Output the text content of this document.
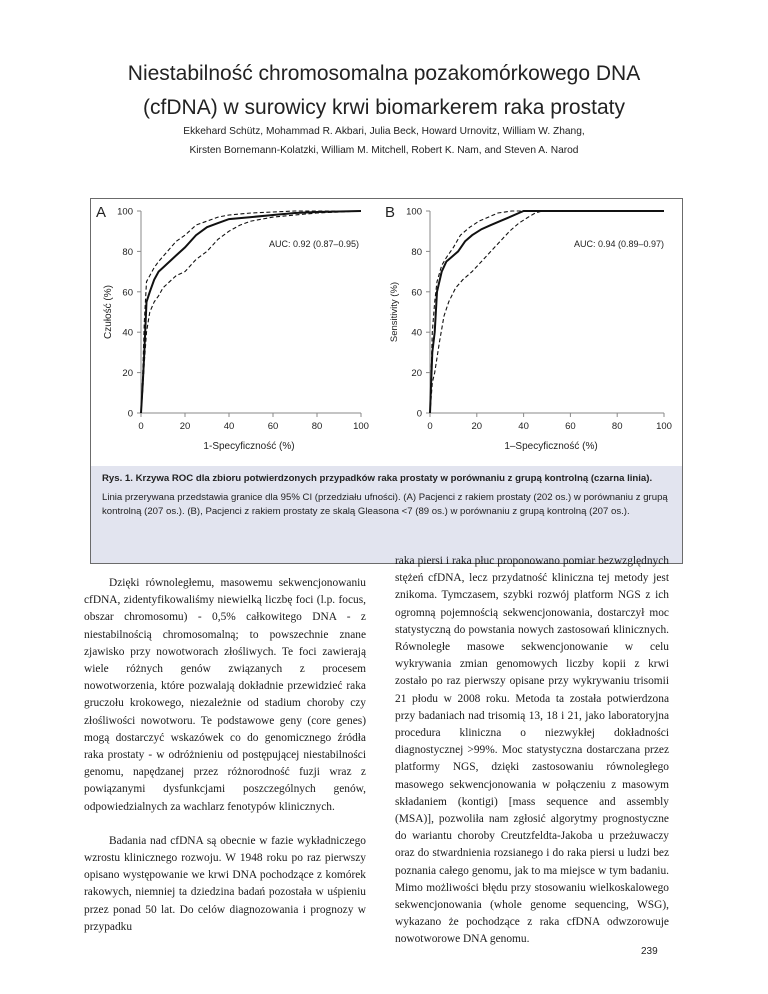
Niestabilność chromosomalna pozakomórkowego DNA
(cfDNA) w surowicy krwi biomarkerem raka prostaty
Ekkehard Schütz, Mohammad R. Akbari, Julia Beck, Howard Urnovitz, William W. Zhang,
Kirsten Bornemann-Kolatzki, William M. Mitchell, Robert K. Nam, and Steven A. Narod
A
0
20
40
60
80
100
0	20	40	60	80	100
Czułość (%)
1-Specyficzność (%)
AUC: 0.92 (0.87–0.95)
B
0
20
40
60
80
100
0	20	40	60	80	100
Sensitivity (%)
1–Specyficzność (%)
AUC: 0.94 (0.89–0.97)
Rys. 1. Krzywa ROC dla zbioru potwierdzonych przypadków raka prostaty w porównaniu z grupą kontrolną (czarna linia).
Linia przerywana przedstawia granice dla 95% CI (przedziału ufności). (A) Pacjenci z rakiem prostaty (202 os.) w porównaniu z grupą kontrolną (207 os.). (B), Pacjenci z rakiem prostaty ze skalą Gleasona <7 (89 os.) w porównaniu z grupą kontrolną (207 os.).

Dzięki równoległemu, masowemu sekwencjonowaniu cfDNA, zidentyfikowaliśmy niewielką liczbę foci (l.p. focus, obszar chromosomu) - 0,5% całkowitego DNA - z niestabilnością chromosomalną; to powszechnie znane zjawisko przy nowotworach złośliwych. Te foci zawierają wiele różnych genów związanych z procesem nowotworzenia, które pozwalają dokładnie przewidzieć raka gruczołu krokowego, niezależnie od stadium choroby czy złośliwości nowotworu. Te podstawowe geny (core genes) mogą dostarczyć wskazówek co do genomicznego źródła raka prostaty - w odróżnieniu od postępującej niestabilności genomu, napędzanej przez różnorodność fuzji wraz z powiązanymi dysfunkcjami poszczególnych genów, odpowiedzialnych za wachlarz fenotypów klinicznych.

Badania nad cfDNA są obecnie w fazie wykładniczego wzrostu klinicznego rozwoju. W 1948 roku po raz pierwszy opisano występowanie we krwi DNA pochodzące z komórek rakowych, niemniej ta dziedzina badań pozostała w uśpieniu przez ponad 50 lat. Do celów diagnozowania i prognozy w przypadku

raka piersi i raka płuc proponowano pomiar bezwzględnych stężeń cfDNA, lecz przydatność kliniczna tej metody jest znikoma. Tymczasem, szybki rozwój platform NGS z ich ogromną pojemnością sekwencjonowania, dostarczył moc statystyczną do powstania nowych zastosowań klinicznych. Równoległe masowe sekwencjonowanie w celu wykrywania zmian genomowych liczby kopii z krwi zostało po raz pierwszy opisane przy wykrywaniu trisomii 21 płodu w 2008 roku. Metoda ta została potwierdzona przy badaniach nad trisomią 13, 18 i 21, jako laboratoryjna procedura kliniczna o niezwykłej dokładności diagnostycznej >99%. Moc statystyczna dostarczana przez platformy NGS, dzięki zastosowaniu równoległego masowego sekwencjonowania w połączeniu z masowym składaniem (kontigi) [mass sequence and assembly (MSA)], pozwoliła nam zgłosić algorytmy prognostyczne do wariantu choroby Creutzfeldta-Jakoba u przeżuwaczy oraz do stwardnienia rozsianego i do raka piersi u ludzi bez poznania całego genomu, jak to ma miejsce w tym badaniu. Mimo możliwości błędu przy stosowaniu wielkoskalowego sekwencjonowania (whole genome sequencing, WSG), wykazano że pochodzące z raka cfDNA odwzorowuje nowotworowe DNA genomu.

239
